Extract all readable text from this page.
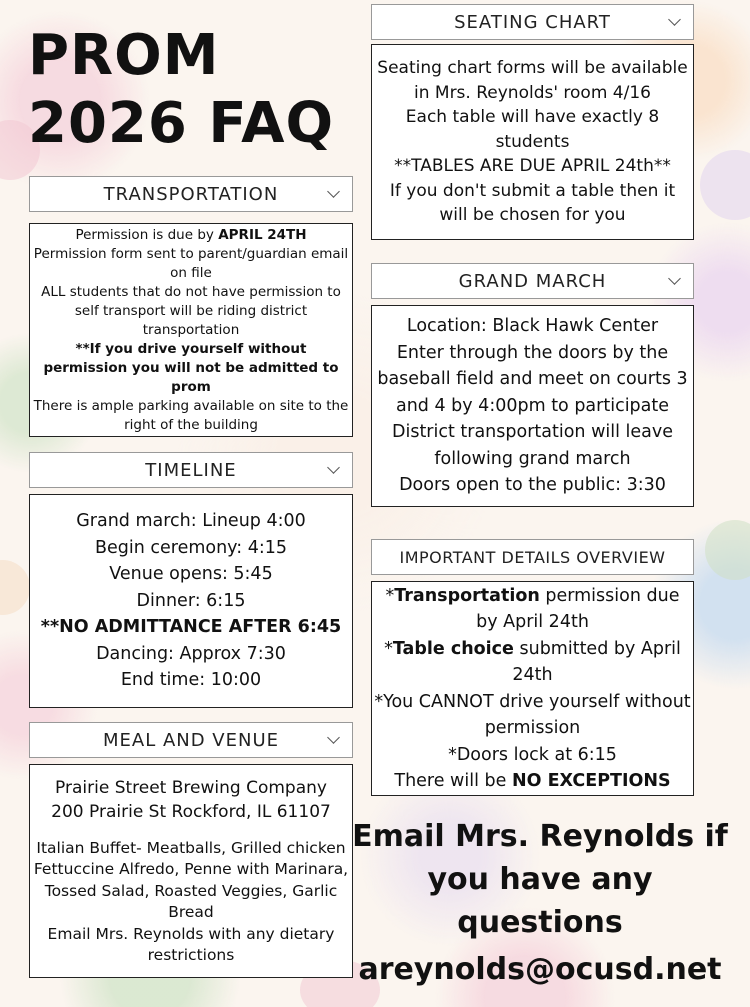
PROM
2026 FAQ
SEATING CHART

Seating chart forms will be available in Mrs. Reynolds' room 4/16

Each table will have exactly 8 students

**TABLES ARE DUE APRIL 24th**

If you don't submit a table then it will be chosen for you

TRANSPORTATION

Permission is due by APRIL 24TH

Permission form sent to parent/guardian email on file

ALL students that do not have permission to self transport will be riding district transportation

**If you drive yourself without permission you will not be admitted to prom

There is ample parking available on site to the right of the building

GRAND MARCH

Location: Black Hawk Center

Enter through the doors by the baseball field and meet on courts 3 and 4 by 4:00pm to participate

District transportation will leave following grand march

Doors open to the public: 3:30

TIMELINE

Grand march: Lineup 4:00

Begin ceremony: 4:15

Venue opens: 5:45

Dinner: 6:15

**NO ADMITTANCE AFTER 6:45

Dancing: Approx 7:30

End time: 10:00

IMPORTANT DETAILS OVERVIEW

*Transportation permission due by April 24th

*Table choice submitted by April 24th

*You CANNOT drive yourself without permission

*Doors lock at 6:15

There will be NO EXCEPTIONS

MEAL AND VENUE

Prairie Street Brewing Company

200 Prairie St Rockford, IL 61107

Italian Buffet- Meatballs, Grilled chicken Fettuccine Alfredo, Penne with Marinara, Tossed Salad, Roasted Veggies, Garlic Bread

Email Mrs. Reynolds with any dietary restrictions

Email Mrs. Reynolds if you have any questions

areynolds@ocusd.net
